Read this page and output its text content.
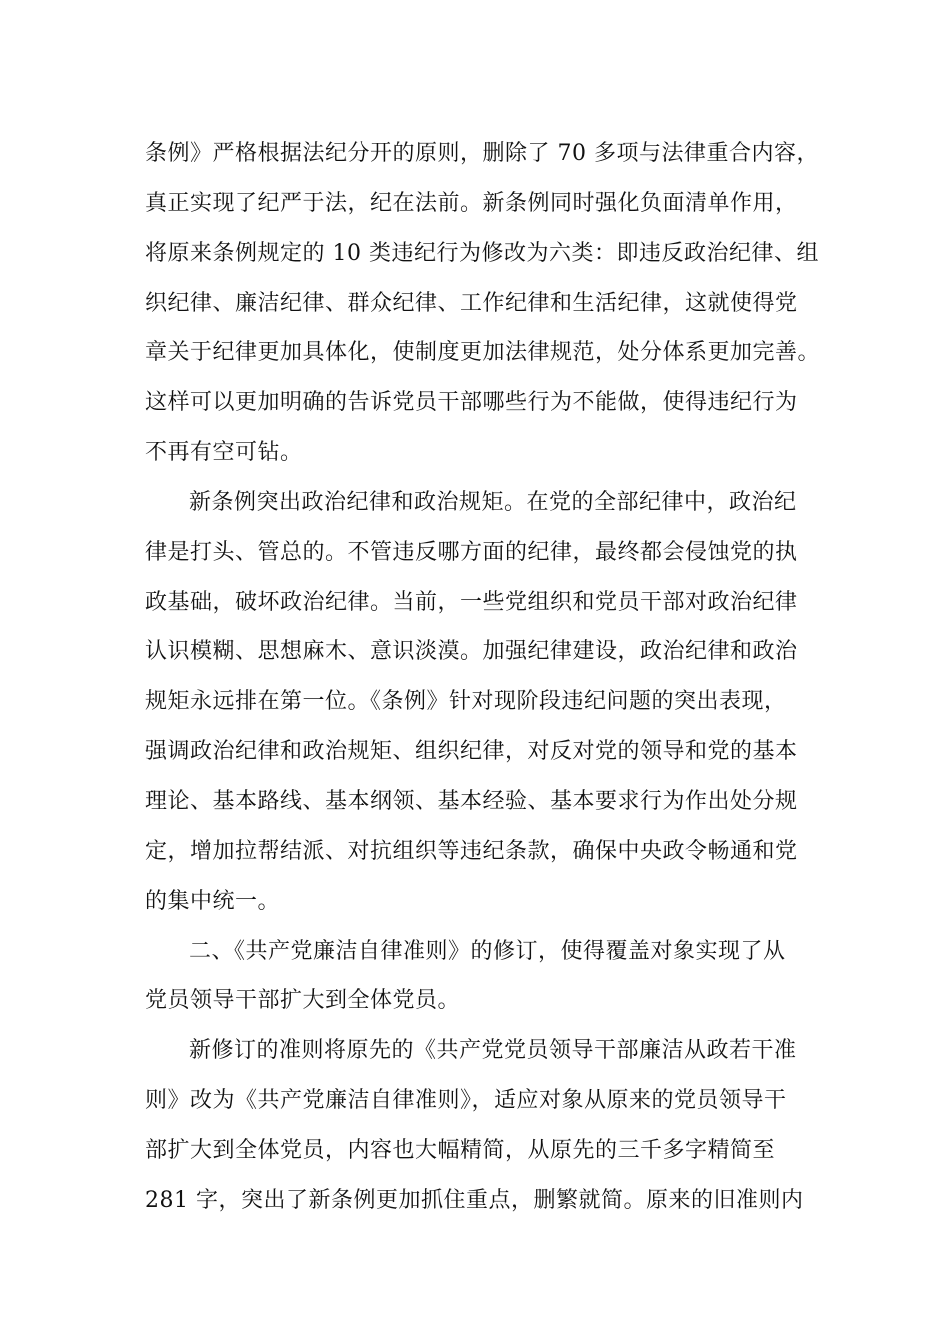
条例》严格根据法纪分开的原则，删除了 70 多项与法律重合内容，
真正实现了纪严于法，纪在法前。新条例同时强化负面清单作用，
将原来条例规定的 10 类违纪行为修改为六类：即违反政治纪律、组
织纪律、廉洁纪律、群众纪律、工作纪律和生活纪律，这就使得党
章关于纪律更加具体化，使制度更加法律规范，处分体系更加完善。
这样可以更加明确的告诉党员干部哪些行为不能做，使得违纪行为
不再有空可钻。

新条例突出政治纪律和政治规矩。在党的全部纪律中，政治纪
律是打头、管总的。不管违反哪方面的纪律，最终都会侵蚀党的执
政基础，破坏政治纪律。当前，一些党组织和党员干部对政治纪律
认识模糊、思想麻木、意识淡漠。加强纪律建设，政治纪律和政治
规矩永远排在第一位。《条例》针对现阶段违纪问题的突出表现，
强调政治纪律和政治规矩、组织纪律，对反对党的领导和党的基本
理论、基本路线、基本纲领、基本经验、基本要求行为作出处分规
定，增加拉帮结派、对抗组织等违纪条款，确保中央政令畅通和党
的集中统一。

二、《共产党廉洁自律准则》的修订，使得覆盖对象实现了从
党员领导干部扩大到全体党员。

新修订的准则将原先的《共产党党员领导干部廉洁从政若干准
则》改为《共产党廉洁自律准则》，适应对象从原来的党员领导干
部扩大到全体党员，内容也大幅精简，从原先的三千多字精简至
281 字，突出了新条例更加抓住重点，删繁就简。原来的旧准则内
